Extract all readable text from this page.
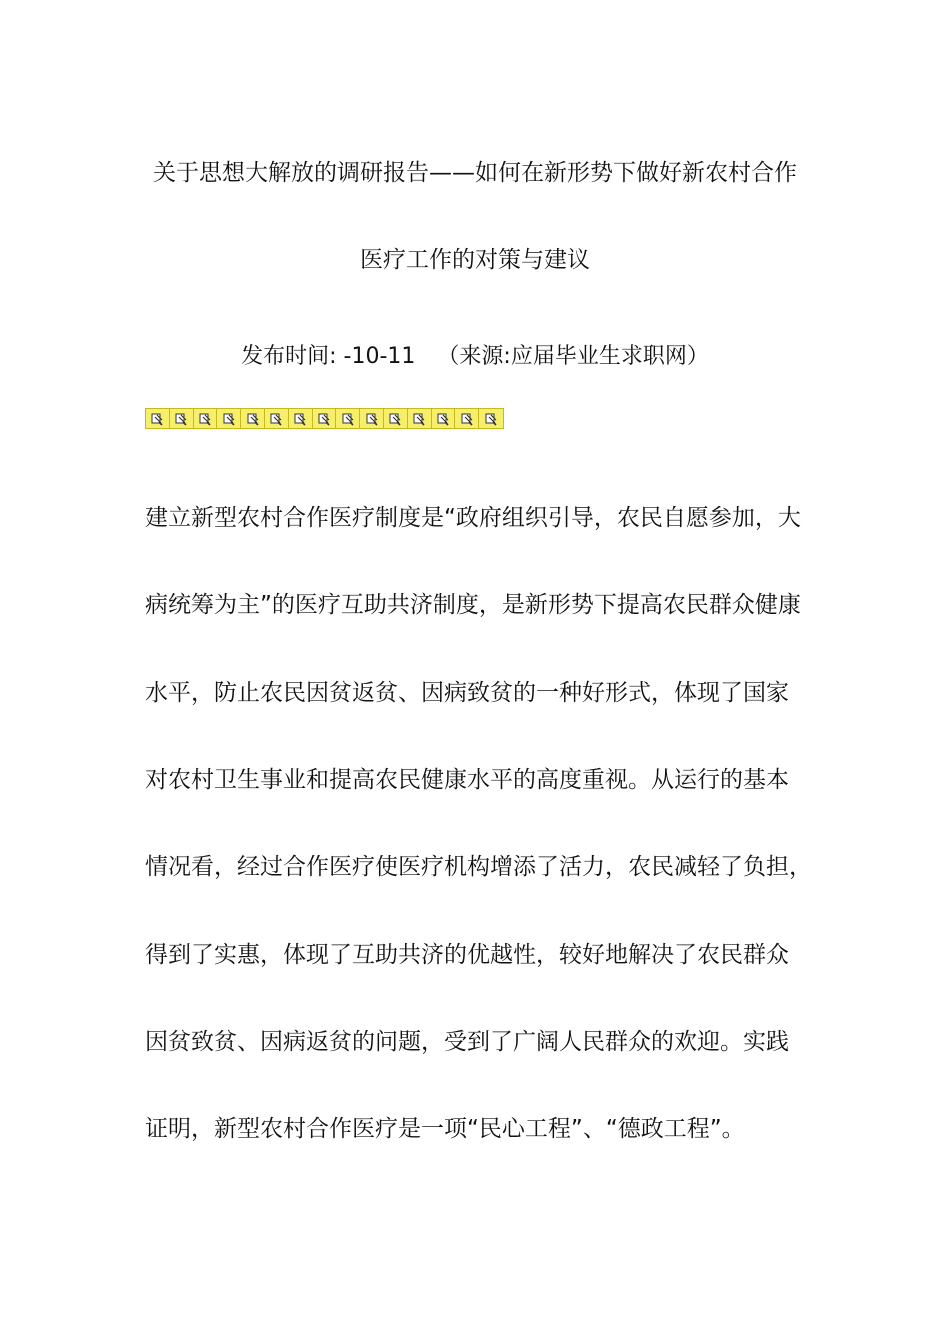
关于思想大解放的调研报告——如何在新形势下做好新农村合作
医疗工作的对策与建议
发布时间: -10-11 （来源:应届毕业生求职网）
建立新型农村合作医疗制度是“政府组织引导，农民自愿参加，大
病统筹为主”的医疗互助共济制度，是新形势下提高农民群众健康
水平，防止农民因贫返贫、因病致贫的一种好形式，体现了国家
对农村卫生事业和提高农民健康水平的高度重视。从运行的基本
情况看，经过合作医疗使医疗机构增添了活力，农民减轻了负担，
得到了实惠，体现了互助共济的优越性，较好地解决了农民群众
因贫致贫、因病返贫的问题，受到了广阔人民群众的欢迎。实践
证明，新型农村合作医疗是一项“民心工程”、“德政工程”。
